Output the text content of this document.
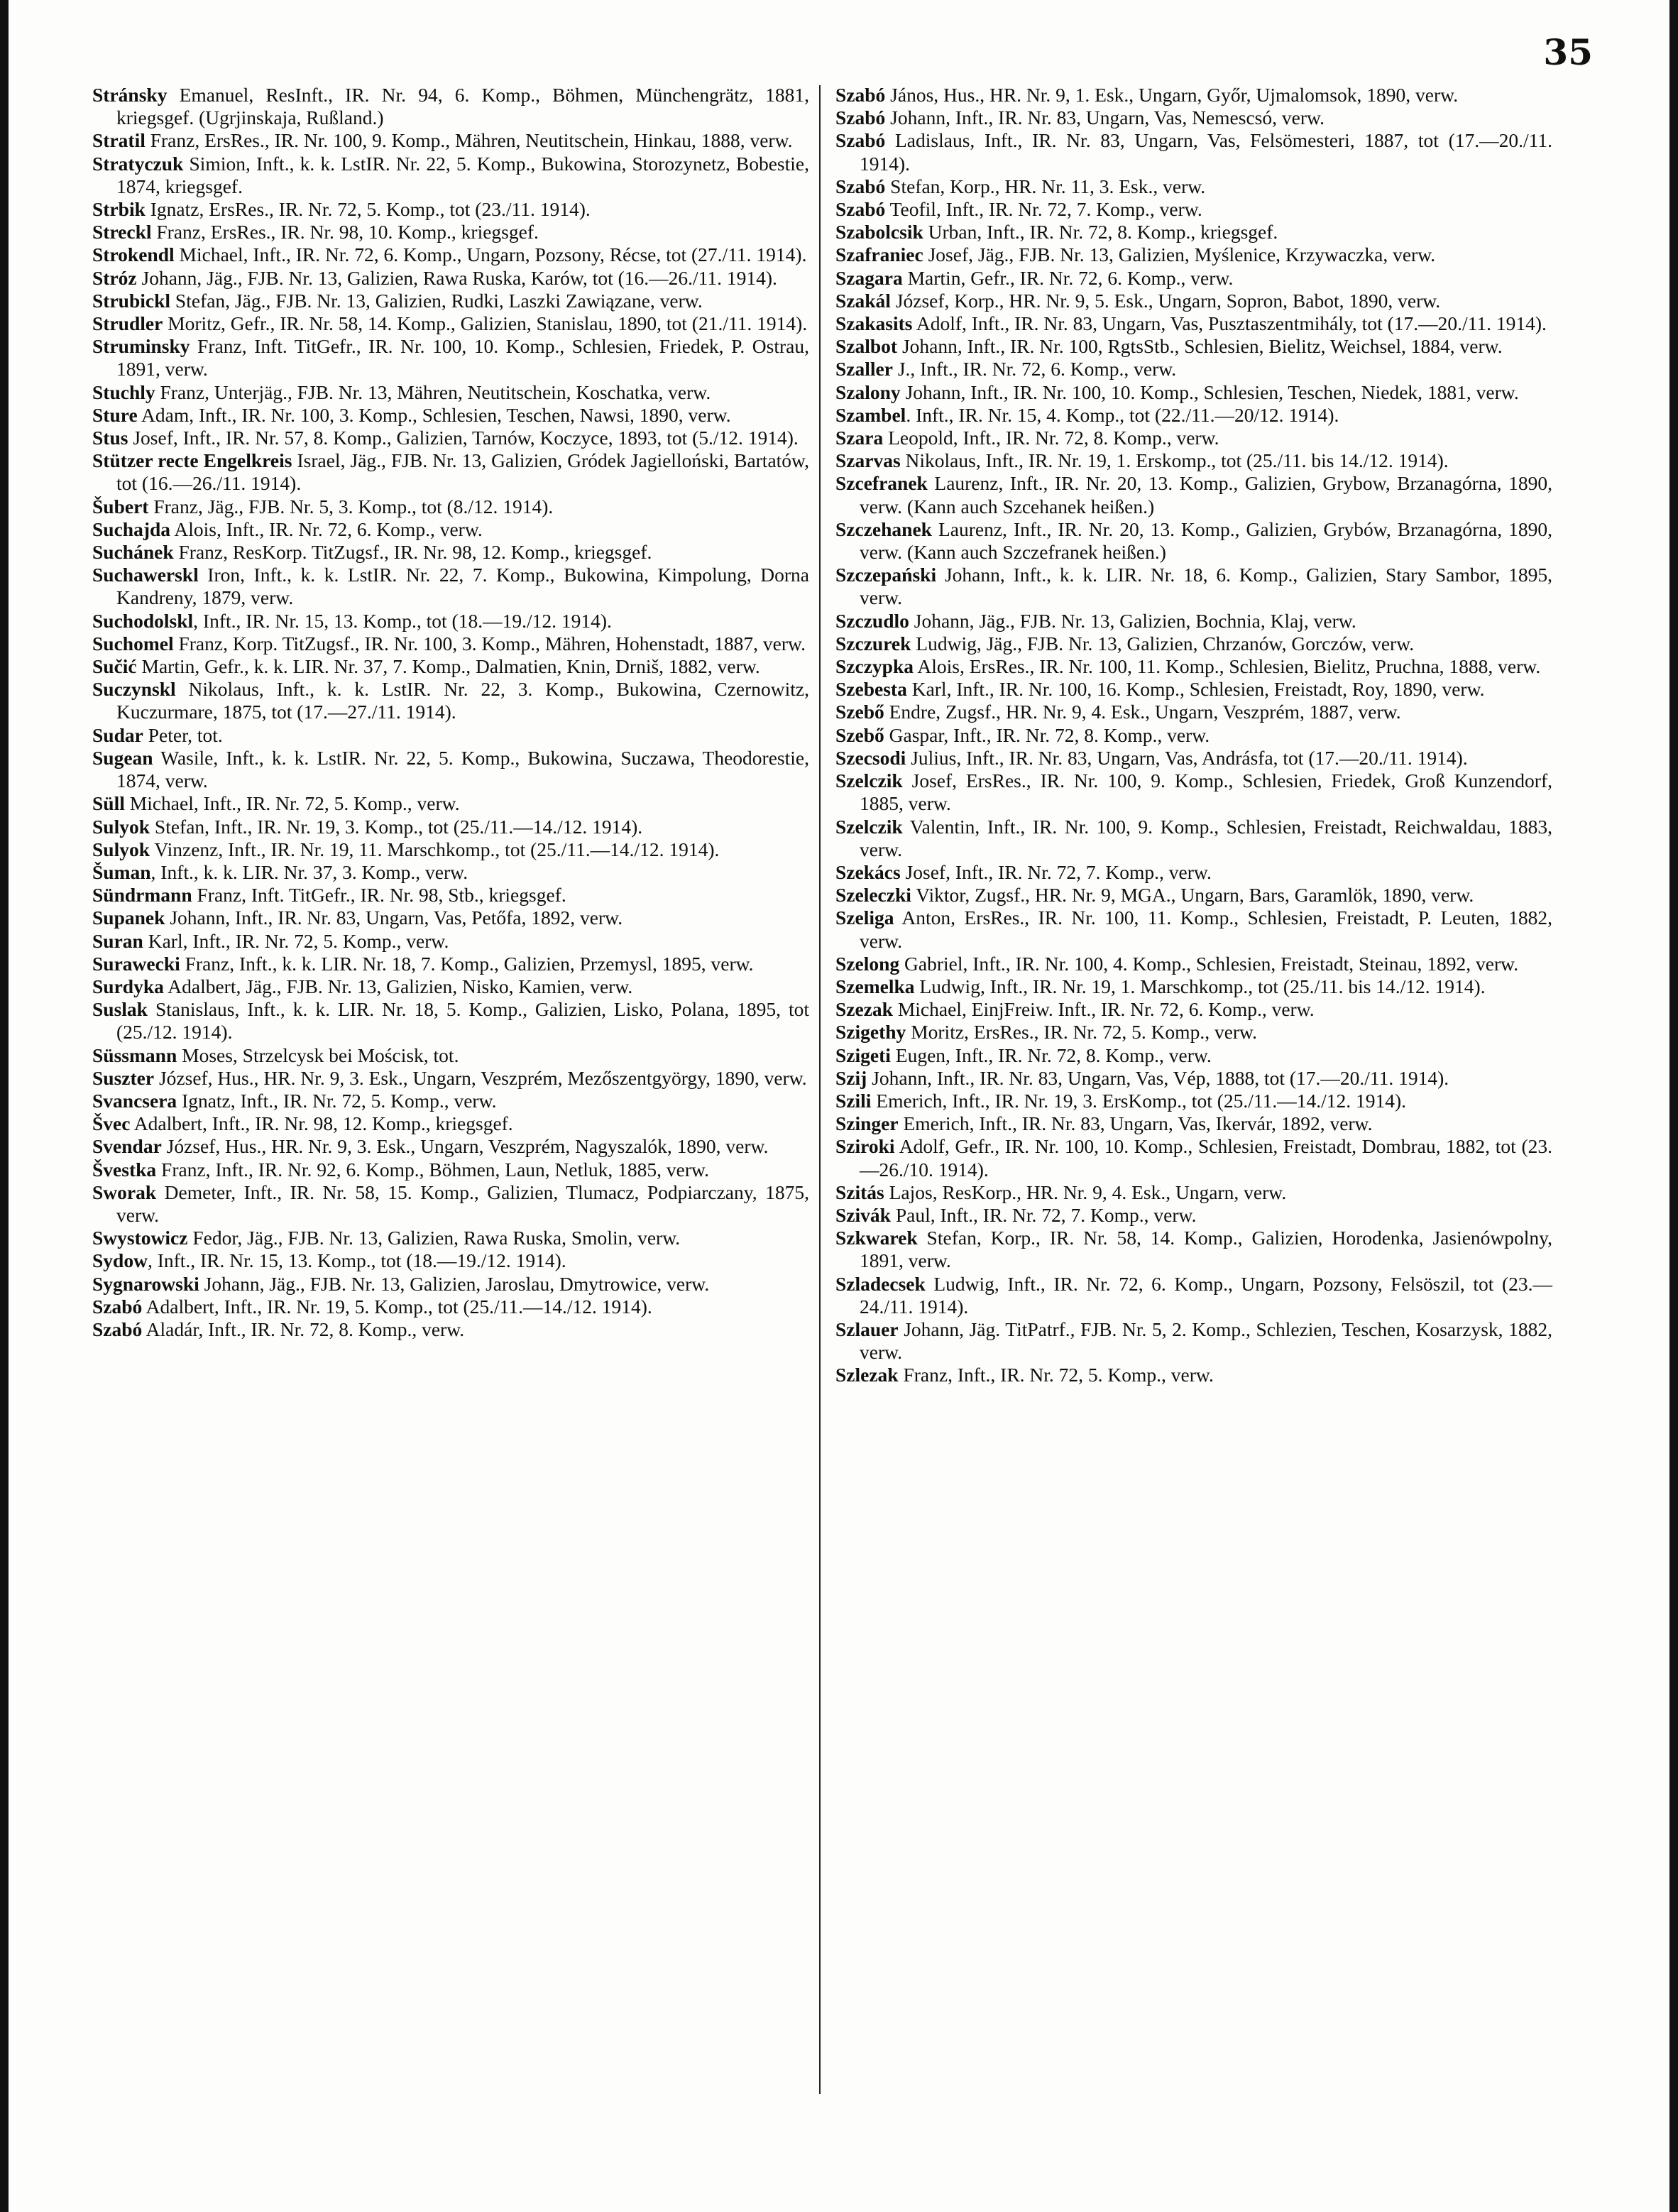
35

Stránsky Emanuel, ResInft., IR. Nr. 94, 6. Komp., Böhmen, Münchengrätz, 1881, kriegsgef. (Ugrjinskaja, Rußland.)

Stratil Franz, ErsRes., IR. Nr. 100, 9. Komp., Mähren, Neutitschein, Hinkau, 1888, verw.

Stratyczuk Simion, Inft., k. k. LstIR. Nr. 22, 5. Komp., Bukowina, Storozynetz, Bobestie, 1874, kriegsgef.

Strbik Ignatz, ErsRes., IR. Nr. 72, 5. Komp., tot (23./11. 1914).

Streckl Franz, ErsRes., IR. Nr. 98, 10. Komp., kriegsgef.

Strokendl Michael, Inft., IR. Nr. 72, 6. Komp., Ungarn, Pozsony, Récse, tot (27./11. 1914).

Stróz Johann, Jäg., FJB. Nr. 13, Galizien, Rawa Ruska, Karów, tot (16.—26./11. 1914).

Strubickl Stefan, Jäg., FJB. Nr. 13, Galizien, Rudki, Laszki Zawiązane, verw.

Strudler Moritz, Gefr., IR. Nr. 58, 14. Komp., Galizien, Stanislau, 1890, tot (21./11. 1914).

Struminsky Franz, Inft. TitGefr., IR. Nr. 100, 10. Komp., Schlesien, Friedek, P. Ostrau, 1891, verw.

Stuchly Franz, Unterjäg., FJB. Nr. 13, Mähren, Neutitschein, Koschatka, verw.

Sture Adam, Inft., IR. Nr. 100, 3. Komp., Schlesien, Teschen, Nawsi, 1890, verw.

Stus Josef, Inft., IR. Nr. 57, 8. Komp., Galizien, Tarnów, Koczyce, 1893, tot (5./12. 1914).

Stützer recte Engelkreis Israel, Jäg., FJB. Nr. 13, Galizien, Gródek Jagielloński, Bartatów, tot (16.—26./11. 1914).

Šubert Franz, Jäg., FJB. Nr. 5, 3. Komp., tot (8./12. 1914).

Suchajda Alois, Inft., IR. Nr. 72, 6. Komp., verw.

Suchánek Franz, ResKorp. TitZugsf., IR. Nr. 98, 12. Komp., kriegsgef.

Suchawerskl Iron, Inft., k. k. LstIR. Nr. 22, 7. Komp., Bukowina, Kimpolung, Dorna Kandreny, 1879, verw.

Suchodolskl, Inft., IR. Nr. 15, 13. Komp., tot (18.—19./12. 1914).

Suchomel Franz, Korp. TitZugsf., IR. Nr. 100, 3. Komp., Mähren, Hohenstadt, 1887, verw.

Sučić Martin, Gefr., k. k. LIR. Nr. 37, 7. Komp., Dalmatien, Knin, Drniš, 1882, verw.

Suczynskl Nikolaus, Inft., k. k. LstIR. Nr. 22, 3. Komp., Bukowina, Czernowitz, Kuczurmare, 1875, tot (17.—27./11. 1914).

Sudar Peter, tot.

Sugean Wasile, Inft., k. k. LstIR. Nr. 22, 5. Komp., Bukowina, Suczawa, Theodorestie, 1874, verw.

Süll Michael, Inft., IR. Nr. 72, 5. Komp., verw.

Sulyok Stefan, Inft., IR. Nr. 19, 3. Komp., tot (25./11.—14./12. 1914).

Sulyok Vinzenz, Inft., IR. Nr. 19, 11. Marschkomp., tot (25./11.—14./12. 1914).

Šuman, Inft., k. k. LIR. Nr. 37, 3. Komp., verw.

Sündrmann Franz, Inft. TitGefr., IR. Nr. 98, Stb., kriegsgef.

Supanek Johann, Inft., IR. Nr. 83, Ungarn, Vas, Petőfa, 1892, verw.

Suran Karl, Inft., IR. Nr. 72, 5. Komp., verw.

Surawecki Franz, Inft., k. k. LIR. Nr. 18, 7. Komp., Galizien, Przemysl, 1895, verw.

Surdyka Adalbert, Jäg., FJB. Nr. 13, Galizien, Nisko, Kamien, verw.

Suslak Stanislaus, Inft., k. k. LIR. Nr. 18, 5. Komp., Galizien, Lisko, Polana, 1895, tot (25./12. 1914).

Süssmann Moses, Strzelcysk bei Mościsk, tot.

Suszter József, Hus., HR. Nr. 9, 3. Esk., Ungarn, Veszprém, Mezőszentgyörgy, 1890, verw.

Svancsera Ignatz, Inft., IR. Nr. 72, 5. Komp., verw.

Švec Adalbert, Inft., IR. Nr. 98, 12. Komp., kriegsgef.

Svendar József, Hus., HR. Nr. 9, 3. Esk., Ungarn, Veszprém, Nagyszalók, 1890, verw.

Švestka Franz, Inft., IR. Nr. 92, 6. Komp., Böhmen, Laun, Netluk, 1885, verw.

Sworak Demeter, Inft., IR. Nr. 58, 15. Komp., Galizien, Tlumacz, Podpiarczany, 1875, verw.

Swystowicz Fedor, Jäg., FJB. Nr. 13, Galizien, Rawa Ruska, Smolin, verw.

Sydow, Inft., IR. Nr. 15, 13. Komp., tot (18.—19./12. 1914).

Sygnarowski Johann, Jäg., FJB. Nr. 13, Galizien, Jaroslau, Dmytrowice, verw.

Szabó Adalbert, Inft., IR. Nr. 19, 5. Komp., tot (25./11.—14./12. 1914).

Szabó Aladár, Inft., IR. Nr. 72, 8. Komp., verw.

Szabó János, Hus., HR. Nr. 9, 1. Esk., Ungarn, Győr, Ujmalomsok, 1890, verw.

Szabó Johann, Inft., IR. Nr. 83, Ungarn, Vas, Nemescsó, verw.

Szabó Ladislaus, Inft., IR. Nr. 83, Ungarn, Vas, Felsömesteri, 1887, tot (17.—20./11. 1914).

Szabó Stefan, Korp., HR. Nr. 11, 3. Esk., verw.

Szabó Teofil, Inft., IR. Nr. 72, 7. Komp., verw.

Szabolcsik Urban, Inft., IR. Nr. 72, 8. Komp., kriegsgef.

Szafraniec Josef, Jäg., FJB. Nr. 13, Galizien, Myślenice, Krzywaczka, verw.

Szagara Martin, Gefr., IR. Nr. 72, 6. Komp., verw.

Szakál József, Korp., HR. Nr. 9, 5. Esk., Ungarn, Sopron, Babot, 1890, verw.

Szakasits Adolf, Inft., IR. Nr. 83, Ungarn, Vas, Pusztaszentmihály, tot (17.—20./11. 1914).

Szalbot Johann, Inft., IR. Nr. 100, RgtsStb., Schlesien, Bielitz, Weichsel, 1884, verw.

Szaller J., Inft., IR. Nr. 72, 6. Komp., verw.

Szalony Johann, Inft., IR. Nr. 100, 10. Komp., Schlesien, Teschen, Niedek, 1881, verw.

Szambel. Inft., IR. Nr. 15, 4. Komp., tot (22./11.—20/12. 1914).

Szara Leopold, Inft., IR. Nr. 72, 8. Komp., verw.

Szarvas Nikolaus, Inft., IR. Nr. 19, 1. Erskomp., tot (25./11. bis 14./12. 1914).

Szcefranek Laurenz, Inft., IR. Nr. 20, 13. Komp., Galizien, Grybow, Brzanagórna, 1890, verw. (Kann auch Szcehanek heißen.)

Szczehanek Laurenz, Inft., IR. Nr. 20, 13. Komp., Galizien, Grybów, Brzanagórna, 1890, verw. (Kann auch Szczefranek heißen.)

Szczepański Johann, Inft., k. k. LIR. Nr. 18, 6. Komp., Galizien, Stary Sambor, 1895, verw.

Szczudlo Johann, Jäg., FJB. Nr. 13, Galizien, Bochnia, Klaj, verw.

Szczurek Ludwig, Jäg., FJB. Nr. 13, Galizien, Chrzanów, Gorczów, verw.

Szczypka Alois, ErsRes., IR. Nr. 100, 11. Komp., Schlesien, Bielitz, Pruchna, 1888, verw.

Szebesta Karl, Inft., IR. Nr. 100, 16. Komp., Schlesien, Freistadt, Roy, 1890, verw.

Szebő Endre, Zugsf., HR. Nr. 9, 4. Esk., Ungarn, Veszprém, 1887, verw.

Szebő Gaspar, Inft., IR. Nr. 72, 8. Komp., verw.

Szecsodi Julius, Inft., IR. Nr. 83, Ungarn, Vas, Andrásfa, tot (17.—20./11. 1914).

Szelczik Josef, ErsRes., IR. Nr. 100, 9. Komp., Schlesien, Friedek, Groß Kunzendorf, 1885, verw.

Szelczik Valentin, Inft., IR. Nr. 100, 9. Komp., Schlesien, Freistadt, Reichwaldau, 1883, verw.

Szekács Josef, Inft., IR. Nr. 72, 7. Komp., verw.

Szeleczki Viktor, Zugsf., HR. Nr. 9, MGA., Ungarn, Bars, Garamlök, 1890, verw.

Szeliga Anton, ErsRes., IR. Nr. 100, 11. Komp., Schlesien, Freistadt, P. Leuten, 1882, verw.

Szelong Gabriel, Inft., IR. Nr. 100, 4. Komp., Schlesien, Freistadt, Steinau, 1892, verw.

Szemelka Ludwig, Inft., IR. Nr. 19, 1. Marschkomp., tot (25./11. bis 14./12. 1914).

Szezak Michael, EinjFreiw. Inft., IR. Nr. 72, 6. Komp., verw.

Szigethy Moritz, ErsRes., IR. Nr. 72, 5. Komp., verw.

Szigeti Eugen, Inft., IR. Nr. 72, 8. Komp., verw.

Szij Johann, Inft., IR. Nr. 83, Ungarn, Vas, Vép, 1888, tot (17.—20./11. 1914).

Szili Emerich, Inft., IR. Nr. 19, 3. ErsKomp., tot (25./11.—14./12. 1914).

Szinger Emerich, Inft., IR. Nr. 83, Ungarn, Vas, Ikervár, 1892, verw.

Sziroki Adolf, Gefr., IR. Nr. 100, 10. Komp., Schlesien, Freistadt, Dombrau, 1882, tot (23.—26./10. 1914).

Szitás Lajos, ResKorp., HR. Nr. 9, 4. Esk., Ungarn, verw.

Szivák Paul, Inft., IR. Nr. 72, 7. Komp., verw.

Szkwarek Stefan, Korp., IR. Nr. 58, 14. Komp., Galizien, Horodenka, Jasienówpolny, 1891, verw.

Szladecsek Ludwig, Inft., IR. Nr. 72, 6. Komp., Ungarn, Pozsony, Felsöszil, tot (23.—24./11. 1914).

Szlauer Johann, Jäg. TitPatrf., FJB. Nr. 5, 2. Komp., Schlezien, Teschen, Kosarzysk, 1882, verw.

Szlezak Franz, Inft., IR. Nr. 72, 5. Komp., verw.
